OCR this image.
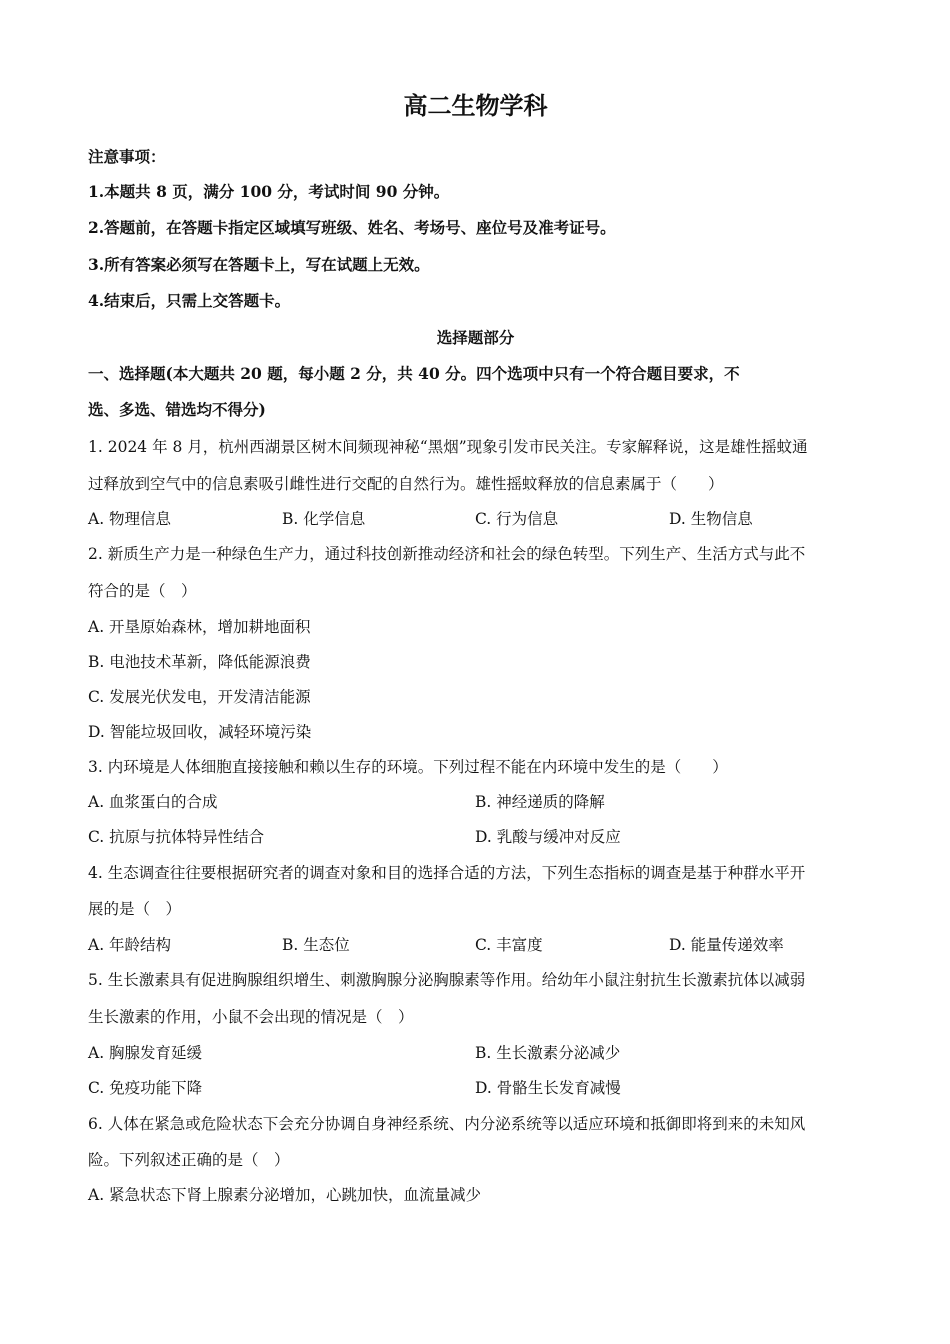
高二生物学科
注意事项：
1.本题共 8 页，满分 100 分，考试时间 90 分钟。
2.答题前，在答题卡指定区域填写班级、姓名、考场号、座位号及准考证号。
3.所有答案必须写在答题卡上，写在试题上无效。
4.结束后，只需上交答题卡。
选择题部分
一、选择题(本大题共 20 题，每小题 2 分，共 40 分。四个选项中只有一个符合题目要求，不
选、多选、错选均不得分)
1. 2024 年 8 月，杭州西湖景区树木间频现神秘“黑烟”现象引发市民关注。专家解释说，这是雄性摇蚊通
过释放到空气中的信息素吸引雌性进行交配的自然行为。雄性摇蚊释放的信息素属于（　　）
A. 物理信息	B. 化学信息	C. 行为信息	D. 生物信息
2. 新质生产力是一种绿色生产力，通过科技创新推动经济和社会的绿色转型。下列生产、生活方式与此不
符合的是（　）
A. 开垦原始森林，增加耕地面积
B. 电池技术革新，降低能源浪费
C. 发展光伏发电，开发清洁能源
D. 智能垃圾回收，减轻环境污染
3. 内环境是人体细胞直接接触和赖以生存的环境。下列过程不能在内环境中发生的是（　　）
A. 血浆蛋白的合成	B. 神经递质的降解
C. 抗原与抗体特异性结合	D. 乳酸与缓冲对反应
4. 生态调查往往要根据研究者的调查对象和目的选择合适的方法，下列生态指标的调查是基于种群水平开
展的是（　）
A. 年龄结构	B. 生态位	C. 丰富度	D. 能量传递效率
5. 生长激素具有促进胸腺组织增生、刺激胸腺分泌胸腺素等作用。给幼年小鼠注射抗生长激素抗体以减弱
生长激素的作用，小鼠不会出现的情况是（　）
A. 胸腺发育延缓	B. 生长激素分泌减少
C. 免疫功能下降	D. 骨骼生长发育减慢
6. 人体在紧急或危险状态下会充分协调自身神经系统、内分泌系统等以适应环境和抵御即将到来的未知风
险。下列叙述正确的是（　）
A. 紧急状态下肾上腺素分泌增加，心跳加快，血流量减少
